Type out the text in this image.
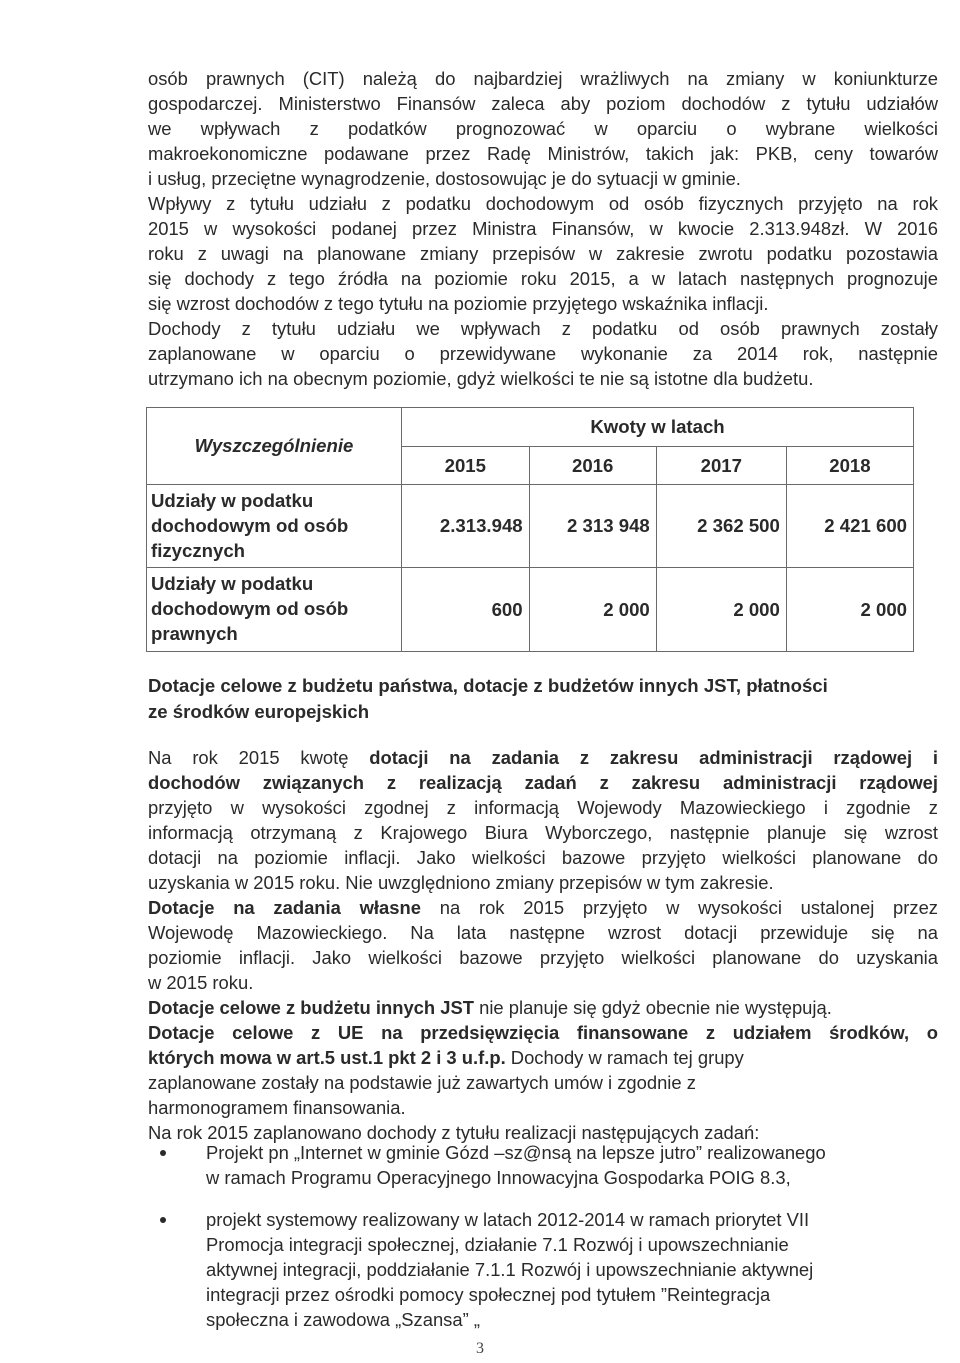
osób prawnych (CIT) należą do najbardziej wrażliwych na zmiany w koniunkturze
gospodarczej. Ministerstwo Finansów zaleca aby poziom dochodów z tytułu udziałów
we wpływach z podatków prognozować w oparciu o wybrane wielkości
makroekonomiczne podawane przez Radę Ministrów, takich jak: PKB, ceny towarów
i usług, przeciętne wynagrodzenie, dostosowując je do sytuacji w gminie.
Wpływy z tytułu udziału z podatku dochodowym od osób fizycznych przyjęto na rok
2015 w wysokości podanej przez Ministra Finansów, w kwocie 2.313.948zł. W 2016
roku z uwagi na planowane zmiany przepisów w zakresie zwrotu podatku pozostawia
się dochody z tego źródła na poziomie roku 2015, a w latach następnych prognozuje
się wzrost dochodów z tego tytułu na poziomie przyjętego wskaźnika inflacji.
Dochody z tytułu udziału we wpływach z podatku od osób prawnych zostały
zaplanowane w oparciu o przewidywane wykonanie za 2014 rok, następnie
utrzymano ich na obecnym poziomie, gdyż wielkości te nie są istotne dla budżetu.
Wyszczególnienie	Kwoty w latach			
	2015	2016	2017	2018

Udziały w podatku
dochodowym od osób
fizycznych	2.313.948	2 313 948	2 362 500	2 421 600

Udziały w podatku
dochodowym od osób
prawnych	600	2 000	2 000	2 000
Dotacje celowe z budżetu państwa, dotacje z budżetów innych JST, płatności
ze środków europejskich
Na rok 2015 kwotę dotacji na zadania z zakresu administracji rządowej i
dochodów związanych z realizacją zadań z zakresu administracji rządowej
przyjęto w wysokości zgodnej z informacją Wojewody Mazowieckiego i zgodnie z
informacją otrzymaną z Krajowego Biura Wyborczego, następnie planuje się wzrost
dotacji na poziomie inflacji. Jako wielkości bazowe przyjęto wielkości planowane do
uzyskania w 2015 roku. Nie uwzględniono zmiany przepisów w tym zakresie.
Dotacje na zadania własne na rok 2015 przyjęto w wysokości ustalonej przez
Wojewodę Mazowieckiego. Na lata następne wzrost dotacji przewiduje się na
poziomie inflacji. Jako wielkości bazowe przyjęto wielkości planowane do uzyskania
w 2015 roku.
Dotacje celowe z budżetu innych JST nie planuje się gdyż obecnie nie występują.
Dotacje celowe z UE na przedsięwzięcia finansowane z udziałem środków, o
których mowa w art.5 ust.1 pkt 2 i 3 u.f.p. Dochody w ramach tej grupy
zaplanowane zostały na podstawie już zawartych umów i zgodnie z
harmonogramem finansowania.
Na rok 2015 zaplanowano dochody z tytułu realizacji następujących zadań:
Projekt pn „Internet w gminie Gózd –sz@nsą na lepsze jutro” realizowanego
w ramach Programu Operacyjnego Innowacyjna Gospodarka POIG 8.3,
projekt systemowy realizowany w latach 2012-2014 w ramach priorytet VII
Promocja integracji społecznej, działanie 7.1 Rozwój i upowszechnianie
aktywnej integracji, poddziałanie 7.1.1 Rozwój i upowszechnianie aktywnej
integracji przez ośrodki pomocy społecznej pod tytułem ”Reintegracja
społeczna i zawodowa „Szansa” „
3
